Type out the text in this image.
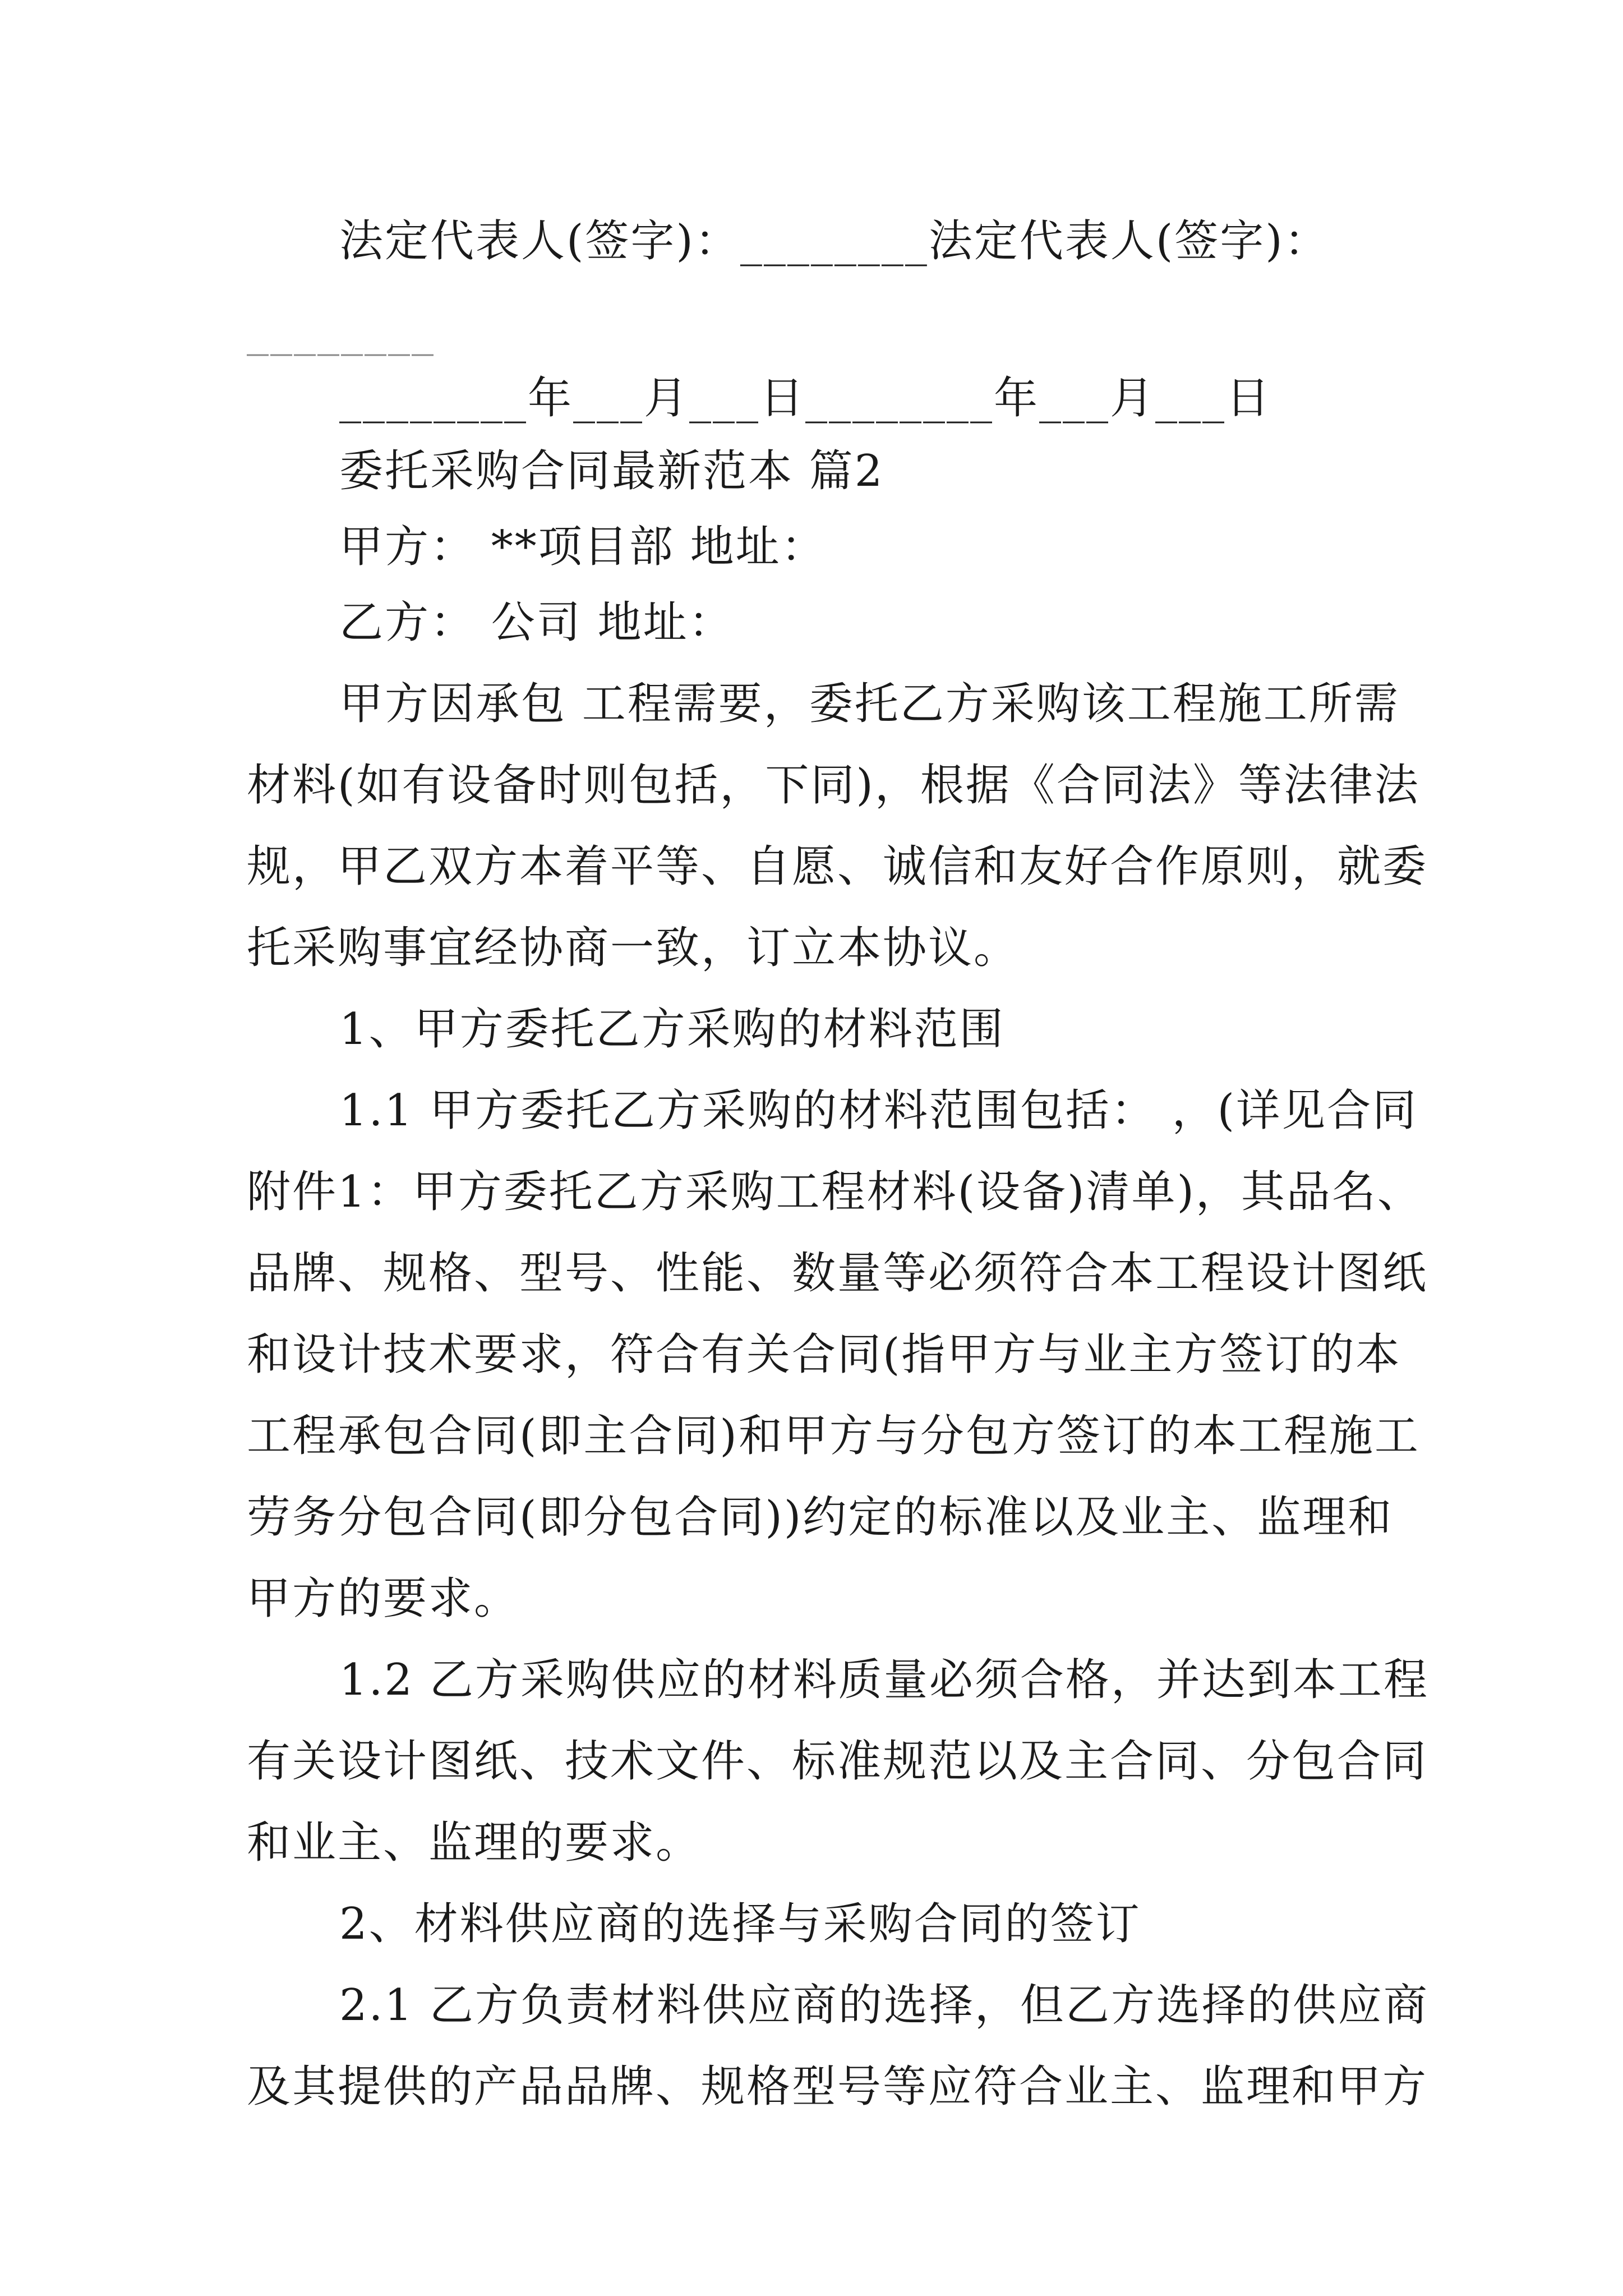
法定代表人(签字)：________法定代表人(签字)：
________
________年___月___日________年___月___日
委托采购合同最新范本 篇2
甲方： **项目部 地址：
乙方： 公司 地址：
甲方因承包 工程需要，委托乙方采购该工程施工所需
材料(如有设备时则包括，下同)，根据《合同法》等法律法
规，甲乙双方本着平等、自愿、诚信和友好合作原则，就委
托采购事宜经协商一致，订立本协议。
1、甲方委托乙方采购的材料范围
1.1 甲方委托乙方采购的材料范围包括： ，(详见合同
附件1：甲方委托乙方采购工程材料(设备)清单)，其品名、
品牌、规格、型号、性能、数量等必须符合本工程设计图纸
和设计技术要求，符合有关合同(指甲方与业主方签订的本
工程承包合同(即主合同)和甲方与分包方签订的本工程施工
劳务分包合同(即分包合同))约定的标准以及业主、监理和
甲方的要求。
1.2 乙方采购供应的材料质量必须合格，并达到本工程
有关设计图纸、技术文件、标准规范以及主合同、分包合同
和业主、监理的要求。
2、材料供应商的选择与采购合同的签订
2.1 乙方负责材料供应商的选择，但乙方选择的供应商
及其提供的产品品牌、规格型号等应符合业主、监理和甲方
